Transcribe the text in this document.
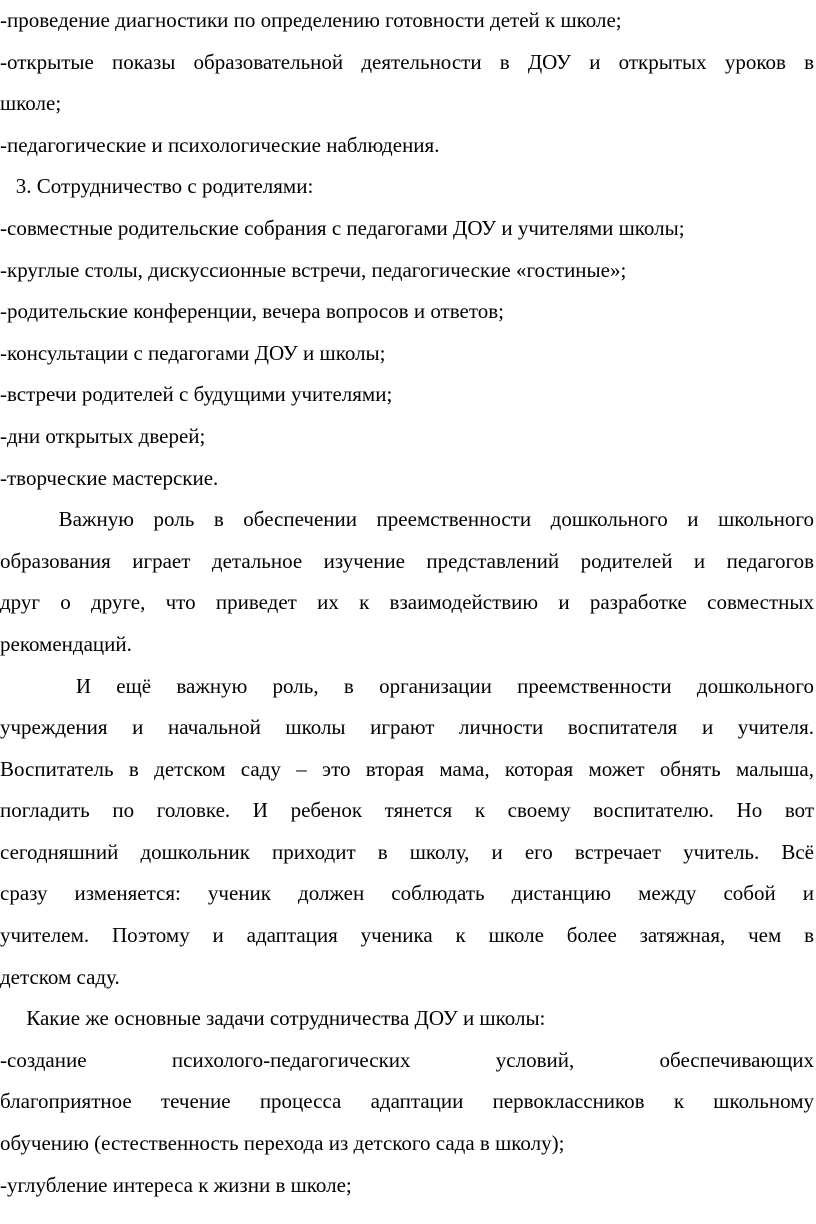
-проведение диагностики по определению готовности детей к школе;
-открытые показы образовательной деятельности в ДОУ и открытых уроков в
школе;
-педагогические и психологические наблюдения.
3. Сотрудничество с родителями:
-совместные родительские собрания с педагогами ДОУ и учителями школы;
-круглые столы, дискуссионные встречи, педагогические «гостиные»;
-родительские конференции, вечера вопросов и ответов;
-консультации с педагогами ДОУ и школы;
-встречи родителей с будущими учителями;
-дни открытых дверей;
-творческие мастерские.
Важную роль в обеспечении преемственности дошкольного и школьного
образования играет детальное изучение представлений родителей и педагогов
друг о друге, что приведет их к взаимодействию и разработке совместных
рекомендаций.
И ещё важную роль, в организации преемственности дошкольного
учреждения и начальной школы играют личности воспитателя и учителя.
Воспитатель в детском саду – это вторая мама, которая может обнять малыша,
погладить по головке. И ребенок тянется к своему воспитателю. Но вот
сегодняшний дошкольник приходит в школу, и его встречает учитель. Всё
сразу изменяется: ученик должен соблюдать дистанцию между собой и
учителем. Поэтому и адаптация ученика к школе более затяжная, чем в
детском саду.
Какие же основные задачи сотрудничества ДОУ и школы:
-создание психолого-педагогических условий, обеспечивающих
благоприятное течение процесса адаптации первоклассников к школьному
обучению (естественность перехода из детского сада в школу);
-углубление интереса к жизни в школе;
